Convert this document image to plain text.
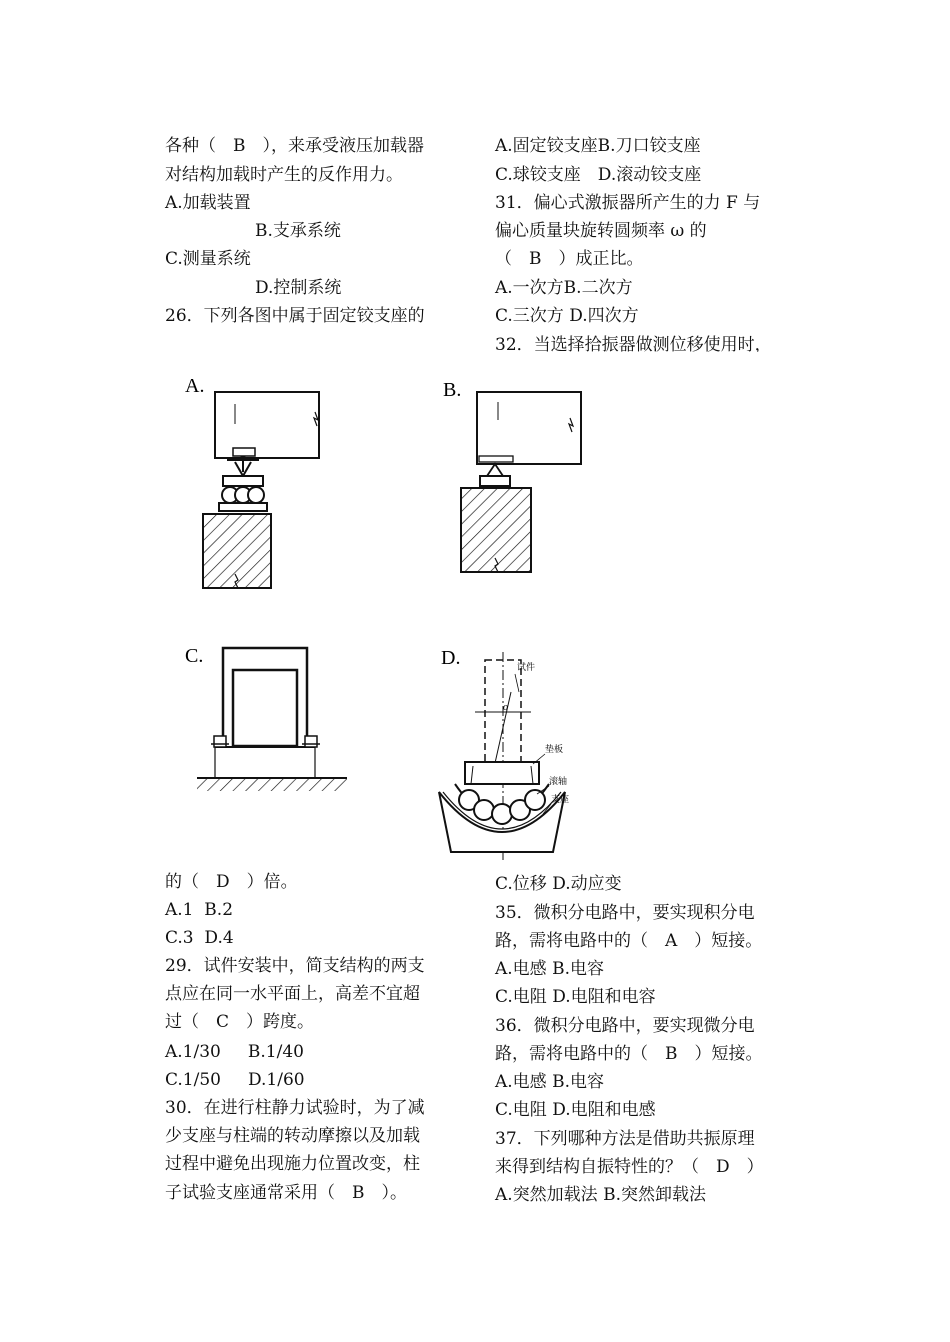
各种（　B　），来承受液压加载器
对结构加载时产生的反作用力。
A.加载装置
B.支承系统
C.测量系统
D.控制系统
26．下列各图中属于固定铰支座的
的（　D　）倍。
A.1  B.2
C.3  D.4
29．试件安装中，简支结构的两支
点应在同一水平面上，高差不宜超
过（　C　）跨度。
A.1/30     B.1/40
C.1/50     D.1/60
30．在进行柱静力试验时，为了减
少支座与柱端的转动摩擦以及加载
过程中避免出现施力位置改变，柱
子试验支座通常采用（　B　）。
A.固定铰支座B.刀口铰支座
C.球铰支座　D.滚动铰支座
31．偏心式激振器所产生的力 F 与
偏心质量块旋转圆频率 ω 的
（　B　）成正比。
A.一次方B.二次方
C.三次方 D.四次方
32．当选择拾振器做测位移使用时，
位移振幅 $Y_0$ 与被
$_0$ 之比趋近于 1，
阻尼比 D 满足：
;   ;1;D   ;1
;   ;1;D   ;1
的（　C　）。
动体的加速度成
动体的速度成反
动体的速度成正
体的加速度成正
能直接感知被测
)。
C.位移 D.动应变
35．微积分电路中，要实现积分电
路，需将电路中的（　A　）短接。
A.电感 B.电容
C.电阻 D.电阻和电容
36．微积分电路中，要实现微分电
路，需将电路中的（　B　）短接。
A.电感 B.电容
C.电阻 D.电阻和电感
37．下列哪种方法是借助共振原理
来得到结构自振特性的？（　D　）
A.突然加载法 B.突然卸载法
A.	B.
C.	D.	试件
o
垫板
滚轴
支座
